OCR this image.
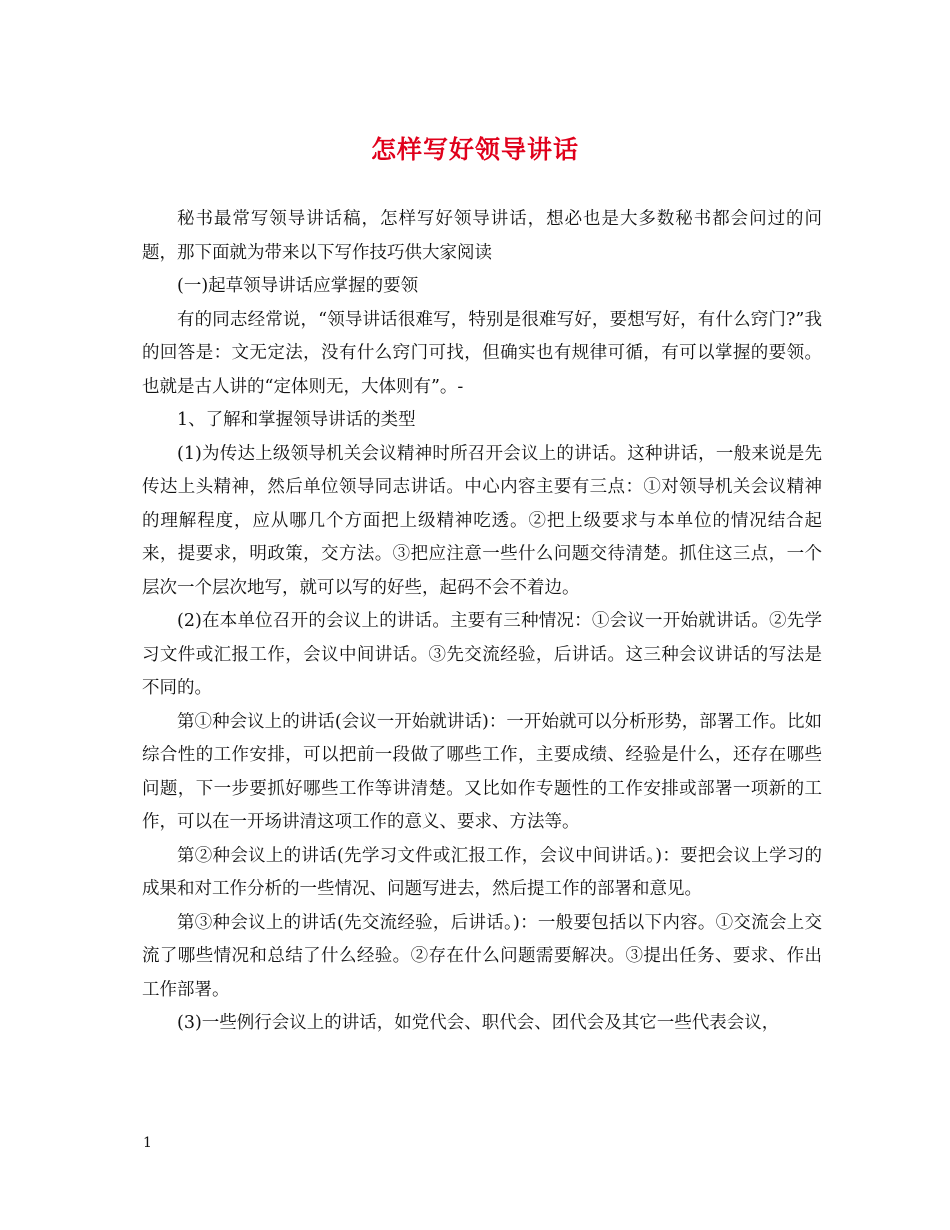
怎样写好领导讲话

秘书最常写领导讲话稿，怎样写好领导讲话，想必也是大多数秘书都会问过的问题，那下面就为带来以下写作技巧供大家阅读

(一)起草领导讲话应掌握的要领

有的同志经常说，“领导讲话很难写，特别是很难写好，要想写好，有什么窍门?”我的回答是：文无定法，没有什么窍门可找，但确实也有规律可循，有可以掌握的要领。也就是古人讲的“定体则无，大体则有”。-

1、了解和掌握领导讲话的类型

(1)为传达上级领导机关会议精神时所召开会议上的讲话。这种讲话，一般来说是先传达上头精神，然后单位领导同志讲话。中心内容主要有三点：①对领导机关会议精神的理解程度，应从哪几个方面把上级精神吃透。②把上级要求与本单位的情况结合起来，提要求，明政策，交方法。③把应注意一些什么问题交待清楚。抓住这三点，一个层次一个层次地写，就可以写的好些，起码不会不着边。

(2)在本单位召开的会议上的讲话。主要有三种情况：①会议一开始就讲话。②先学习文件或汇报工作，会议中间讲话。③先交流经验，后讲话。这三种会议讲话的写法是不同的。

第①种会议上的讲话(会议一开始就讲话)：一开始就可以分析形势，部署工作。比如综合性的工作安排，可以把前一段做了哪些工作，主要成绩、经验是什么，还存在哪些问题，下一步要抓好哪些工作等讲清楚。又比如作专题性的工作安排或部署一项新的工作，可以在一开场讲清这项工作的意义、要求、方法等。

第②种会议上的讲话(先学习文件或汇报工作，会议中间讲话。)：要把会议上学习的成果和对工作分析的一些情况、问题写进去，然后提工作的部署和意见。

第③种会议上的讲话(先交流经验，后讲话。)：一般要包括以下内容。①交流会上交流了哪些情况和总结了什么经验。②存在什么问题需要解决。③提出任务、要求、作出工作部署。

(3)一些例行会议上的讲话，如党代会、职代会、团代会及其它一些代表会议，

1
